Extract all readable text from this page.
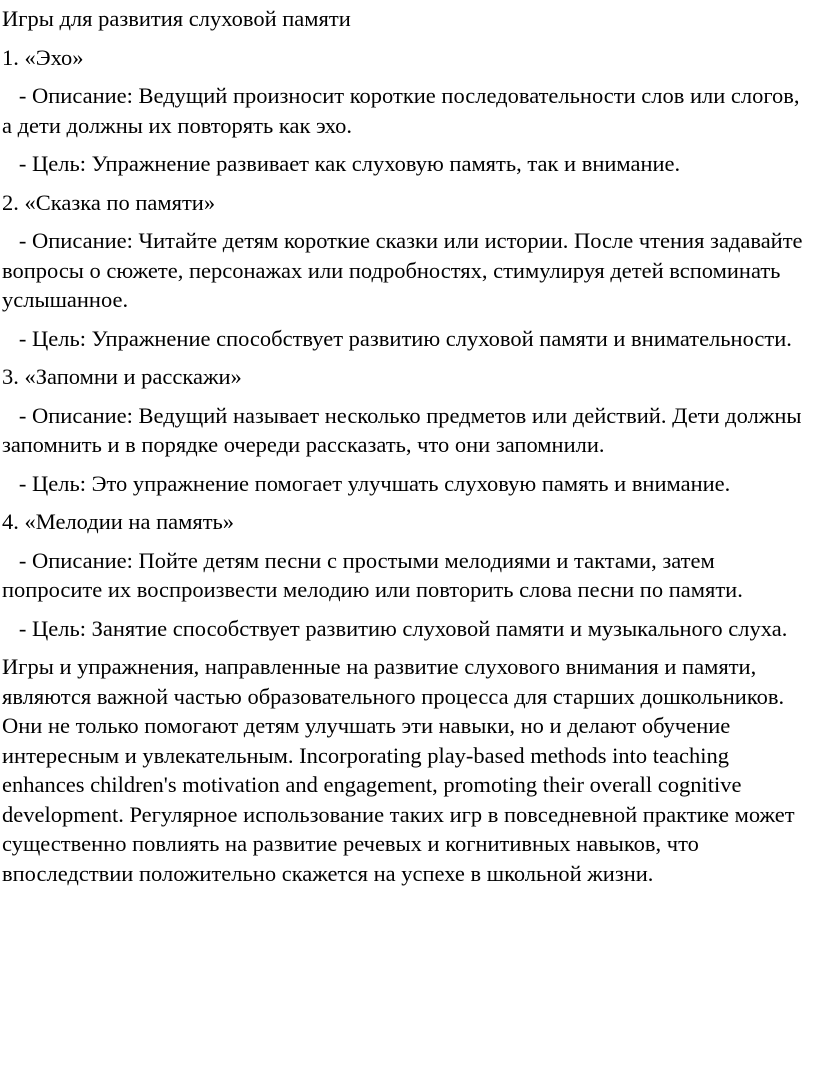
Игры для развития слуховой памяти
1. «Эхо»
- Описание: Ведущий произносит короткие последовательности слов или слогов, а дети должны их повторять как эхо.
- Цель: Упражнение развивает как слуховую память, так и внимание.
2. «Сказка по памяти»
- Описание: Читайте детям короткие сказки или истории. После чтения задавайте вопросы о сюжете, персонажах или подробностях, стимулируя детей вспоминать услышанное.
- Цель: Упражнение способствует развитию слуховой памяти и внимательности.
3. «Запомни и расскажи»
- Описание: Ведущий называет несколько предметов или действий. Дети должны запомнить и в порядке очереди рассказать, что они запомнили.
- Цель: Это упражнение помогает улучшать слуховую память и внимание.
4. «Мелодии на память»
- Описание: Пойте детям песни с простыми мелодиями и тактами, затем попросите их воспроизвести мелодию или повторить слова песни по памяти.
- Цель: Занятие способствует развитию слуховой памяти и музыкального слуха.
Игры и упражнения, направленные на развитие слухового внимания и памяти, являются важной частью образовательного процесса для старших дошкольников. Они не только помогают детям улучшать эти навыки, но и делают обучение интересным и увлекательным. Incorporating play-based methods into teaching enhances children's motivation and engagement, promoting their overall cognitive development. Регулярное использование таких игр в повседневной практике может существенно повлиять на развитие речевых и когнитивных навыков, что впоследствии положительно скажется на успехе в школьной жизни.
